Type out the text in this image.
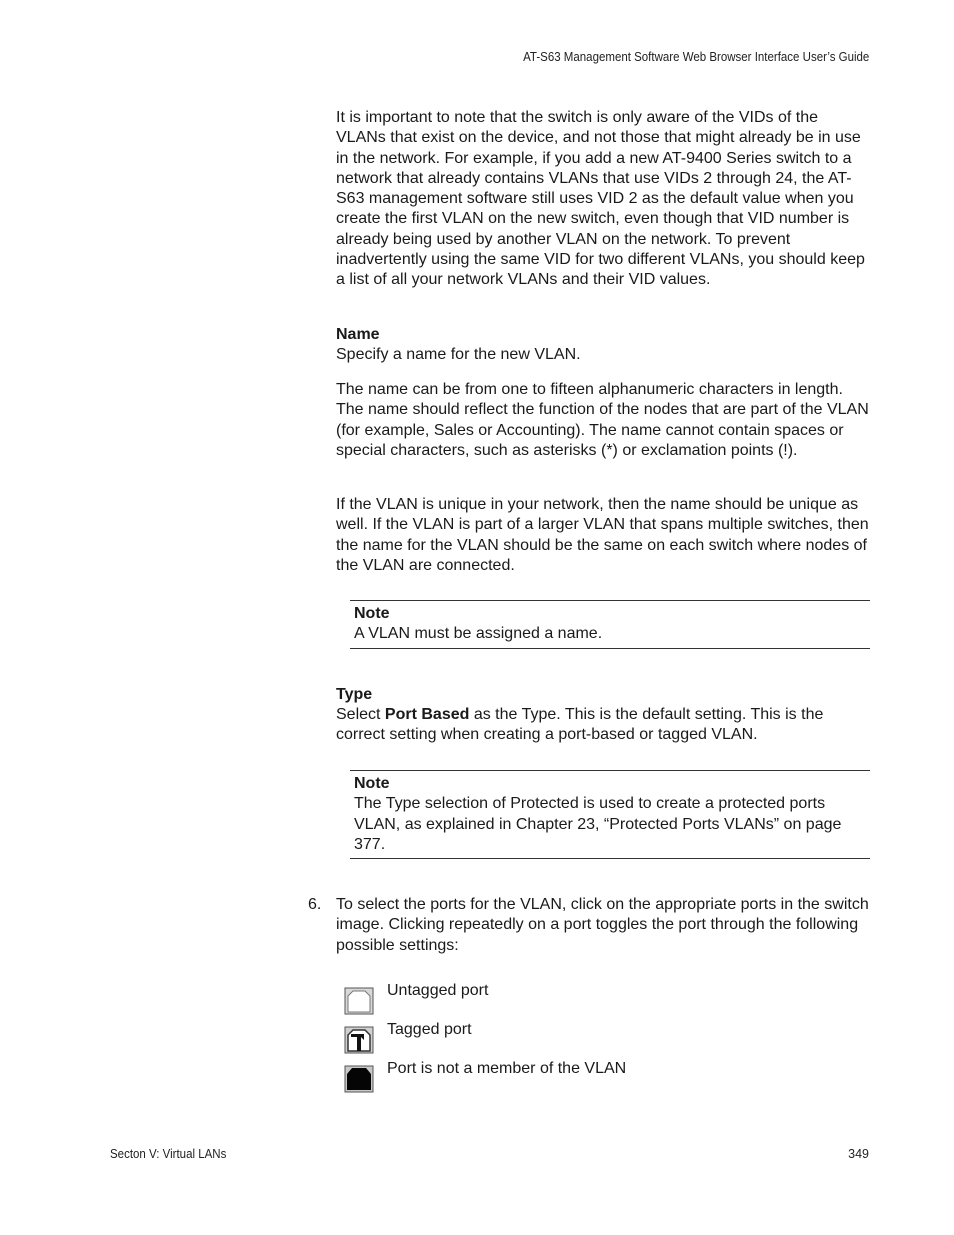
AT-S63 Management Software Web Browser Interface User’s Guide

It is important to note that the switch is only aware of the VIDs of the VLANs that exist on the device, and not those that might already be in use in the network. For example, if you add a new AT-9400 Series switch to a network that already contains VLANs that use VIDs 2 through 24, the AT-S63 management software still uses VID 2 as the default value when you create the first VLAN on the new switch, even though that VID number is already being used by another VLAN on the network. To prevent inadvertently using the same VID for two different VLANs, you should keep a list of all your network VLANs and their VID values.

Name
Specify a name for the new VLAN.

The name can be from one to fifteen alphanumeric characters in length. The name should reflect the function of the nodes that are part of the VLAN (for example, Sales or Accounting). The name cannot contain spaces or special characters, such as asterisks (*) or exclamation points (!).

If the VLAN is unique in your network, then the name should be unique as well. If the VLAN is part of a larger VLAN that spans multiple switches, then the name for the VLAN should be the same on each switch where nodes of the VLAN are connected.

Note
A VLAN must be assigned a name.
Type

Select Port Based as the Type. This is the default setting. This is the correct setting when creating a port-based or tagged VLAN.

Note
The Type selection of Protected is used to create a protected ports VLAN, as explained in Chapter 23, “Protected Ports VLANs” on page 377.
6. To select the ports for the VLAN, click on the appropriate ports in the switch image. Clicking repeatedly on a port toggles the port through the following possible settings:

Untagged port
Tagged port
Port is not a member of the VLAN
Secton V: Virtual LANs	349
